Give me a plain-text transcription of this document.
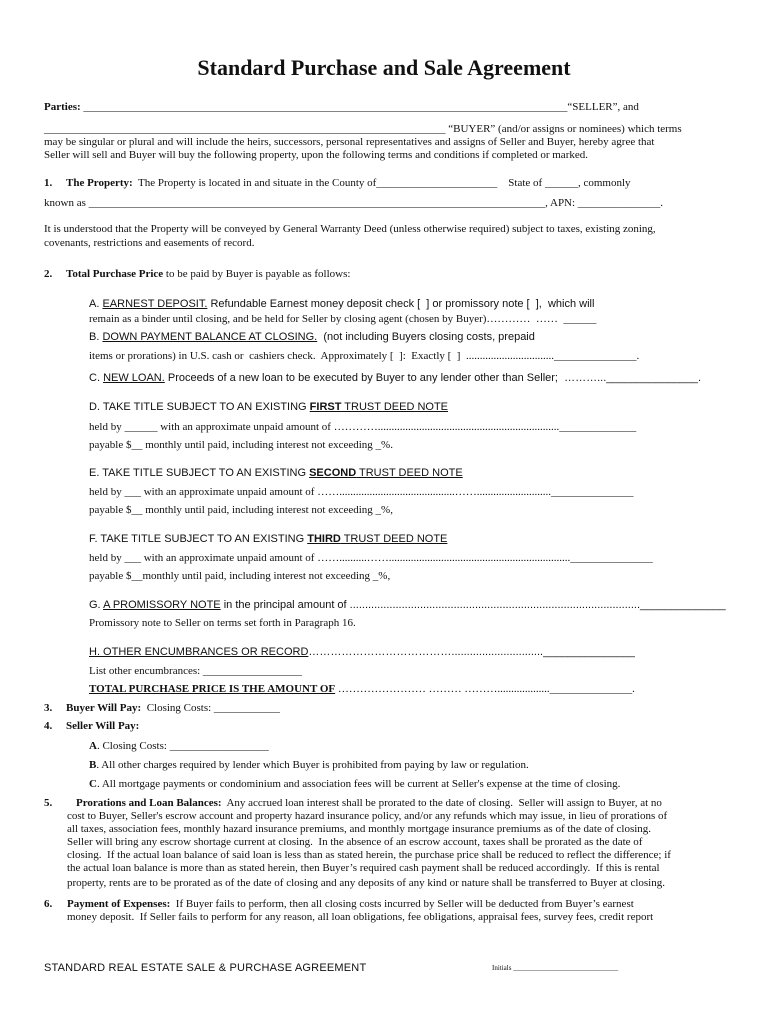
Standard Purchase and Sale Agreement
Parties: ________________________________________________________________________________________“SELLER”, and
_________________________________________________________________________ “BUYER” (and/or assigns or nominees) which terms
may be singular or plural and will include the heirs, successors, personal representatives and assigns of Seller and Buyer, hereby agree that
Seller will sell and Buyer will buy the following property, upon the following terms and conditions if completed or marked.
1. The Property:  The Property is located in and situate in the County of______________________    State of ______, commonly
known as ___________________________________________________________________________________, APN: _______________.
It is understood that the Property will be conveyed by General Warranty Deed (unless otherwise required) subject to taxes, existing zoning,
covenants, restrictions and easements of record.
2. Total Purchase Price to be paid by Buyer is payable as follows:
A. EARNEST DEPOSIT. Refundable Earnest money deposit check [  ] or promissory note [  ],  which will
remain as a binder until closing, and be held for Seller by closing agent (chosen by Buyer)…………  ……  ______
B. DOWN PAYMENT BALANCE AT CLOSING.  (not including Buyers closing costs, prepaid
items or prorations) in U.S. cash or  cashiers check.  Approximately [  ]:  Exactly [  ]  ................................_______________.
C. NEW LOAN. Proceeds of a new loan to be executed by Buyer to any lender other than Seller;  ………..._______________.
D. TAKE TITLE SUBJECT TO AN EXISTING FIRST TRUST DEED NOTE
held by ______ with an approximate unpaid amount of …………..................................................................______________
payable $__ monthly until paid, including interest not exceeding _%.
E. TAKE TITLE SUBJECT TO AN EXISTING SECOND TRUST DEED NOTE
held by ___ with an approximate unpaid amount of ……..........................................……..........................._______________
payable $__ monthly until paid, including interest not exceeding _%,
F. TAKE TITLE SUBJECT TO AN EXISTING THIRD TRUST DEED NOTE
held by ___ with an approximate unpaid amount of ……..........…….................................................................._______________
payable $__monthly until paid, including interest not exceeding _%,
G. A PROMISSORY NOTE in the principal amount of ...............................................................................................______________
Promissory note to Seller on terms set forth in Paragraph 16.
H. OTHER ENCUMBRANCES OR RECORD………………………………….............................._______________
List other encumbrances: __________________
TOTAL PURCHASE PRICE IS THE AMOUNT OF …………………… ……… ………..................._______________.
3. Buyer Will Pay:  Closing Costs: ____________
4. Seller Will Pay:
A. Closing Costs: __________________
B. All other charges required by lender which Buyer is prohibited from paying by law or regulation.
C. All mortgage payments or condominium and association fees will be current at Seller's expense at the time of closing.
5. Prorations and Loan Balances:  Any accrued loan interest shall be prorated to the date of closing.  Seller will assign to Buyer, at no
cost to Buyer, Seller's escrow account and property hazard insurance policy, and/or any refunds which may issue, in lieu of prorations of
all taxes, association fees, monthly hazard insurance premiums, and monthly mortgage insurance premiums as of the date of closing.
Seller will bring any escrow shortage current at closing.  In the absence of an escrow account, taxes shall be prorated as the date of
closing.  If the actual loan balance of said loan is less than as stated herein, the purchase price shall be reduced to reflect the difference; if
the actual loan balance is more than as stated herein, then Buyer’s required cash payment shall be reduced accordingly.  If this is rental
property, rents are to be prorated as of the date of closing and any deposits of any kind or nature shall be transferred to Buyer at closing.
6. Payment of Expenses:  If Buyer fails to perform, then all closing costs incurred by Seller will be deducted from Buyer’s earnest
money deposit.  If Seller fails to perform for any reason, all loan obligations, fee obligations, appraisal fees, survey fees, credit report
STANDARD REAL ESTATE SALE & PURCHASE AGREEMENT	Initials ______________________________
